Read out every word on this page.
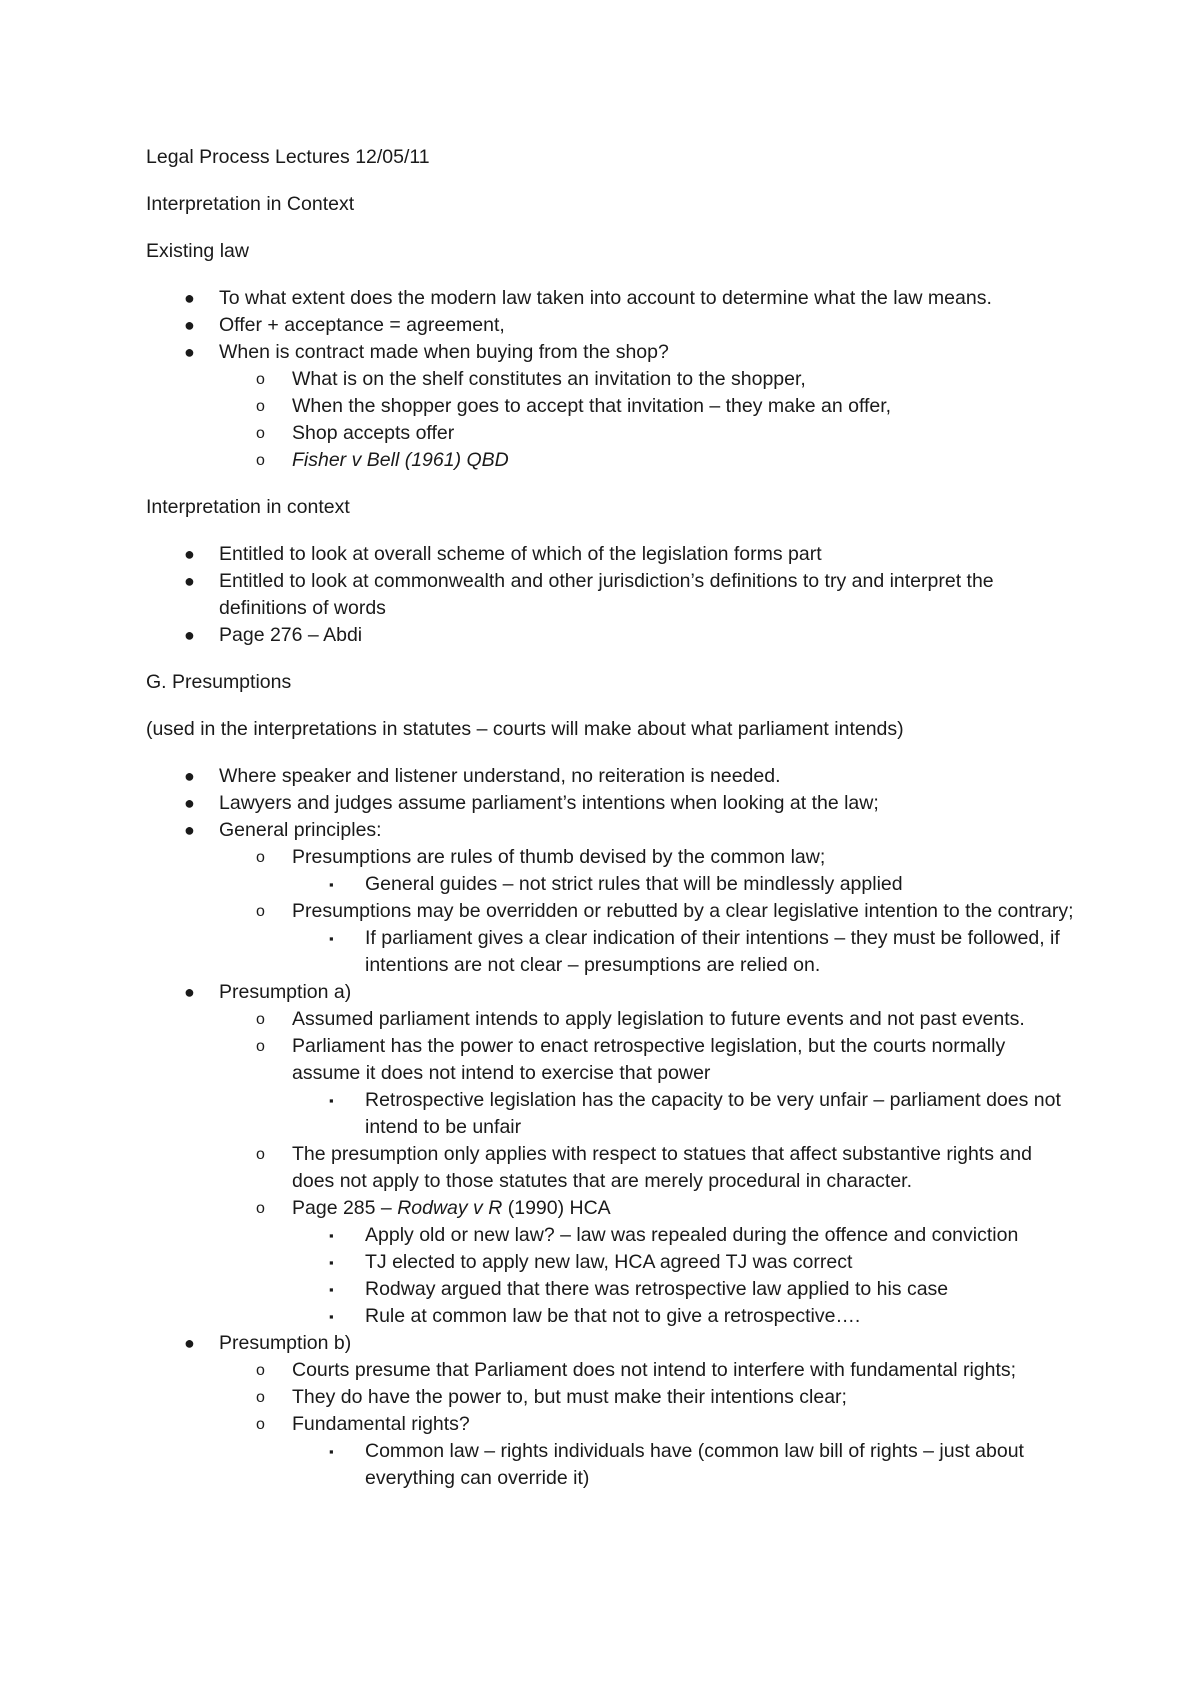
Legal Process Lectures 12/05/11

Interpretation in Context

Existing law

● To what extent does the modern law taken into account to determine what the law means.
● Offer + acceptance = agreement,
● When is contract made when buying from the shop?
o What is on the shelf constitutes an invitation to the shopper,
o When the shopper goes to accept that invitation – they make an offer,
o Shop accepts offer
o Fisher v Bell (1961) QBD

Interpretation in context

● Entitled to look at overall scheme of which of the legislation forms part
● Entitled to look at commonwealth and other jurisdiction’s definitions to try and interpret the definitions of words
● Page 276 – Abdi

G. Presumptions

(used in the interpretations in statutes – courts will make about what parliament intends)

● Where speaker and listener understand, no reiteration is needed.
● Lawyers and judges assume parliament’s intentions when looking at the law;
● General principles:
o Presumptions are rules of thumb devised by the common law;
▪ General guides – not strict rules that will be mindlessly applied
o Presumptions may be overridden or rebutted by a clear legislative intention to the contrary;
▪ If parliament gives a clear indication of their intentions – they must be followed, if intentions are not clear – presumptions are relied on.
● Presumption a)
o Assumed parliament intends to apply legislation to future events and not past events.
o Parliament has the power to enact retrospective legislation, but the courts normally assume it does not intend to exercise that power
▪ Retrospective legislation has the capacity to be very unfair – parliament does not intend to be unfair
o The presumption only applies with respect to statues that affect substantive rights and does not apply to those statutes that are merely procedural in character.
o Page 285 – Rodway v R (1990) HCA
▪ Apply old or new law? – law was repealed during the offence and conviction
▪ TJ elected to apply new law, HCA agreed TJ was correct
▪ Rodway argued that there was retrospective law applied to his case
▪ Rule at common law be that not to give a retrospective….
● Presumption b)
o Courts presume that Parliament does not intend to interfere with fundamental rights;
o They do have the power to, but must make their intentions clear;
o Fundamental rights?
▪ Common law – rights individuals have (common law bill of rights – just about everything can override it)
